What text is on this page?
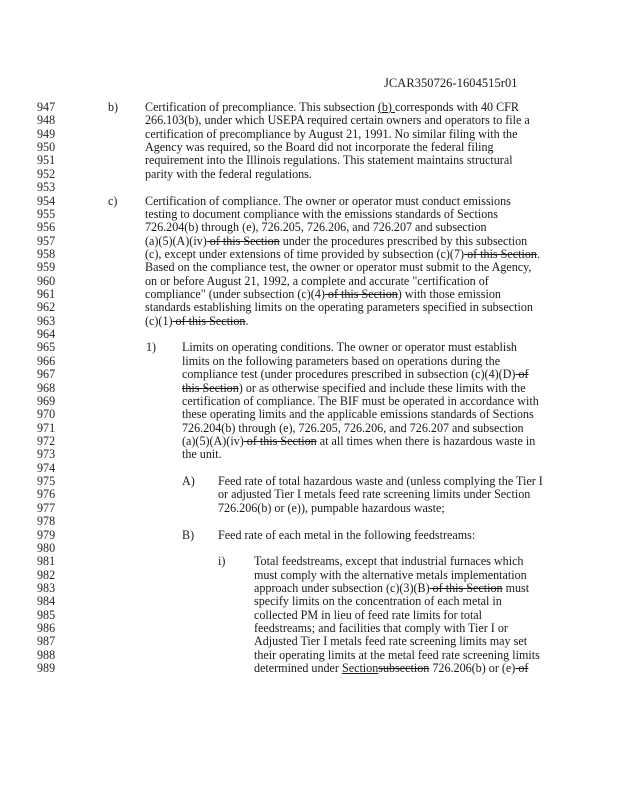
JCAR350726-1604515r01
947	b) Certification of precompliance. This subsection (b) corresponds with 40 CFR
948	266.103(b), under which USEPA required certain owners and operators to file a
949	certification of precompliance by August 21, 1991. No similar filing with the
950	Agency was required, so the Board did not incorporate the federal filing
951	requirement into the Illinois regulations. This statement maintains structural
952	parity with the federal regulations.
953
954	c) Certification of compliance. The owner or operator must conduct emissions
955	testing to document compliance with the emissions standards of Sections
956	726.204(b) through (e), 726.205, 726.206, and 726.207 and subsection
957	(a)(5)(A)(iv) of this Section under the procedures prescribed by this subsection
958	(c), except under extensions of time provided by subsection (c)(7) of this Section.
959	Based on the compliance test, the owner or operator must submit to the Agency,
960	on or before August 21, 1992, a complete and accurate "certification of
961	compliance" (under subsection (c)(4) of this Section) with those emission
962	standards establishing limits on the operating parameters specified in subsection
963	(c)(1) of this Section.
964
965	1) Limits on operating conditions. The owner or operator must establish
966	limits on the following parameters based on operations during the
967	compliance test (under procedures prescribed in subsection (c)(4)(D) of
968	this Section) or as otherwise specified and include these limits with the
969	certification of compliance. The BIF must be operated in accordance with
970	these operating limits and the applicable emissions standards of Sections
971	726.204(b) through (e), 726.205, 726.206, and 726.207 and subsection
972	(a)(5)(A)(iv) of this Section at all times when there is hazardous waste in
973	the unit.
974
975	A) Feed rate of total hazardous waste and (unless complying the Tier I
976	or adjusted Tier I metals feed rate screening limits under Section
977	726.206(b) or (e)), pumpable hazardous waste;
978
979	B) Feed rate of each metal in the following feedstreams:
980
981	i) Total feedstreams, except that industrial furnaces which
982	must comply with the alternative metals implementation
983	approach under subsection (c)(3)(B) of this Section must
984	specify limits on the concentration of each metal in
985	collected PM in lieu of feed rate limits for total
986	feedstreams; and facilities that comply with Tier I or
987	Adjusted Tier I metals feed rate screening limits may set
988	their operating limits at the metal feed rate screening limits
989	determined under Sectionsubsection 726.206(b) or (e) of
